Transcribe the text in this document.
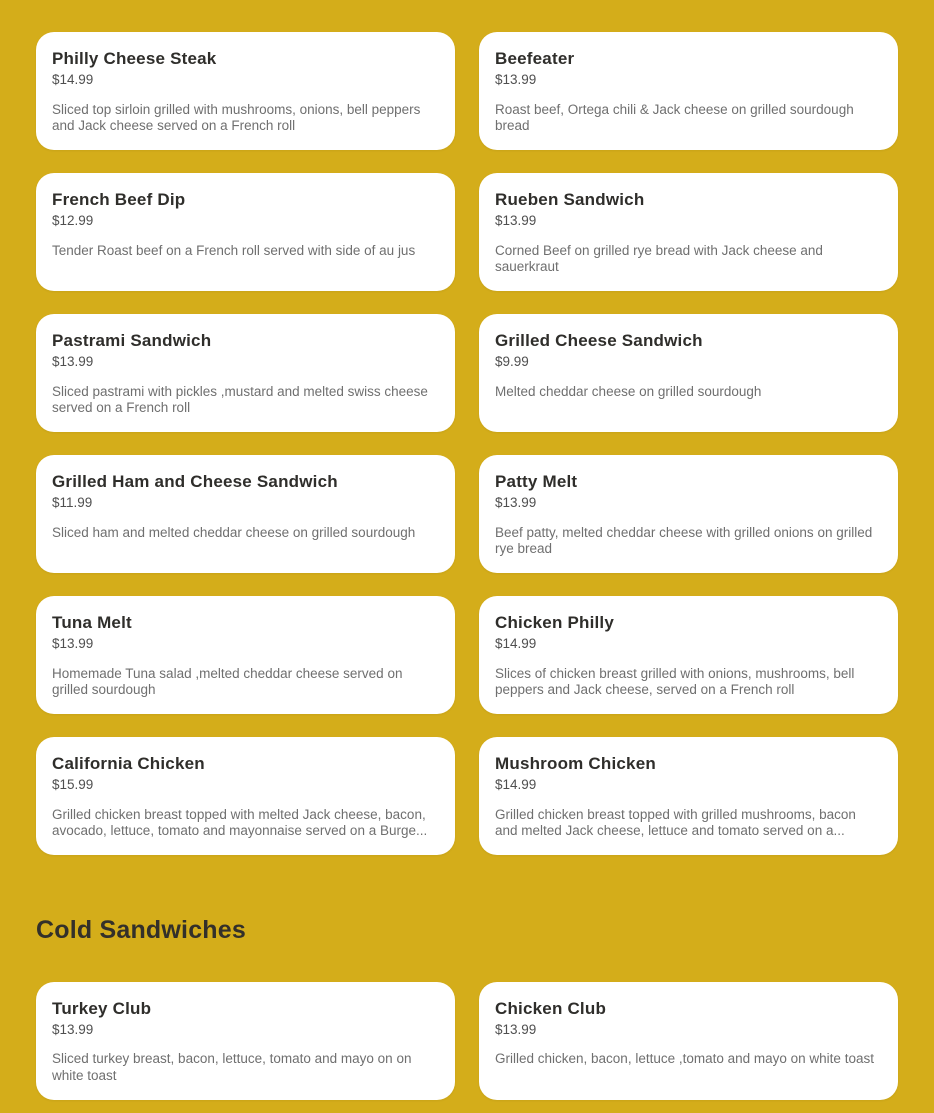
Philly Cheese Steak
$14.99
Sliced top sirloin grilled with mushrooms, onions, bell peppers and Jack cheese served on a French roll
Beefeater
$13.99
Roast beef, Ortega chili & Jack cheese on grilled sourdough bread
French Beef Dip
$12.99
Tender Roast beef on a French roll served with side of au jus
Rueben Sandwich
$13.99
Corned Beef on grilled rye bread with Jack cheese and sauerkraut
Pastrami Sandwich
$13.99
Sliced pastrami with pickles ,mustard and melted swiss cheese served on a French roll
Grilled Cheese Sandwich
$9.99
Melted cheddar cheese on grilled sourdough
Grilled Ham and Cheese Sandwich
$11.99
Sliced ham and melted cheddar cheese on grilled sourdough
Patty Melt
$13.99
Beef patty, melted cheddar cheese with grilled onions on grilled rye bread
Tuna Melt
$13.99
Homemade Tuna salad ,melted cheddar cheese served on grilled sourdough
Chicken Philly
$14.99
Slices of chicken breast grilled with onions, mushrooms, bell peppers and Jack cheese, served on a French roll
California Chicken
$15.99
Grilled chicken breast topped with melted Jack cheese, bacon, avocado, lettuce, tomato and mayonnaise served on a Burge...
Mushroom Chicken
$14.99
Grilled chicken breast topped with grilled mushrooms, bacon and melted Jack cheese, lettuce and tomato served on a...
Cold Sandwiches
Turkey Club
$13.99
Sliced turkey breast, bacon, lettuce, tomato and mayo on on white toast
Chicken Club
$13.99
Grilled chicken, bacon, lettuce ,tomato and mayo on white toast
